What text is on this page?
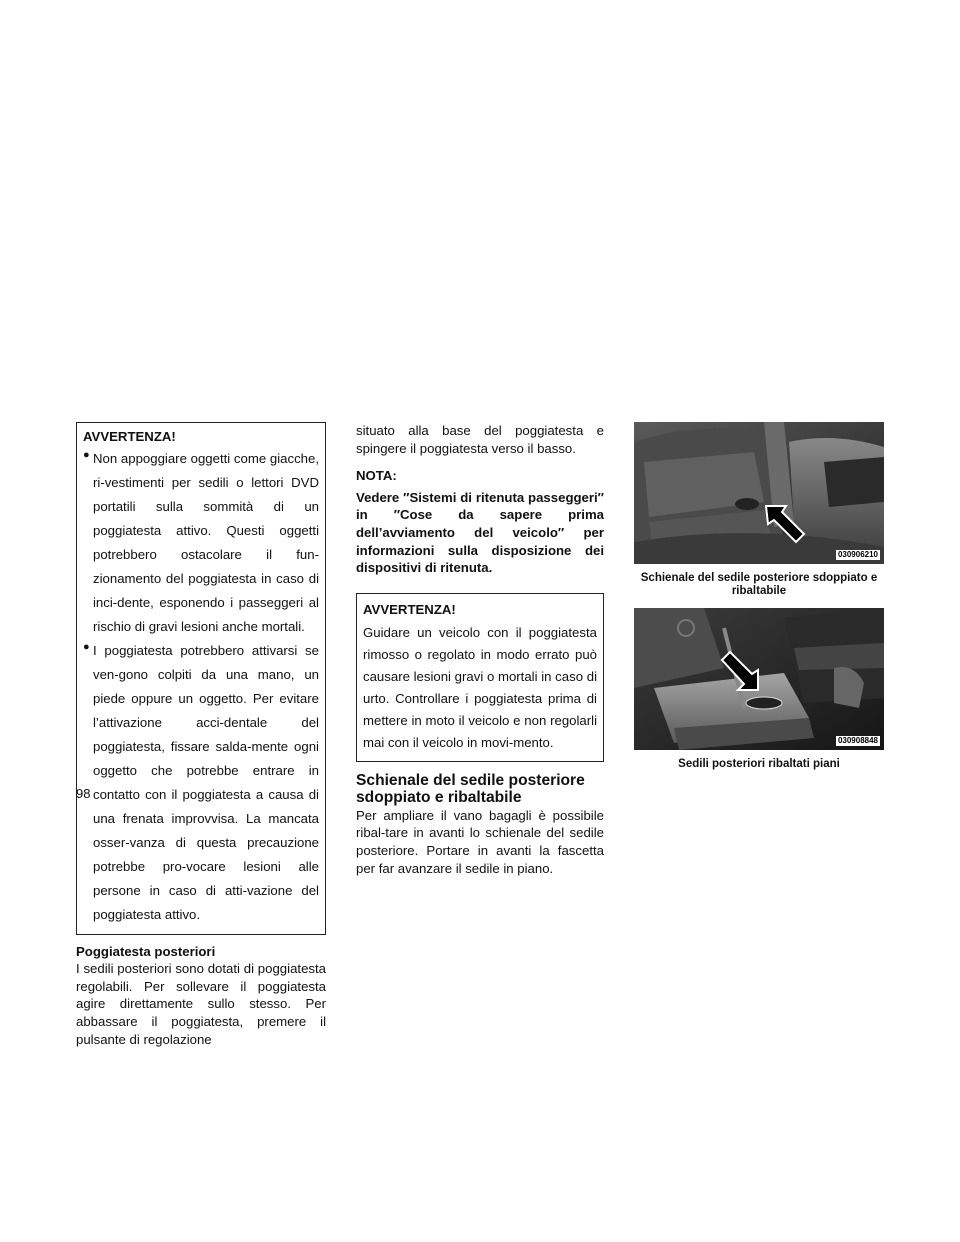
AVVERTENZA!

● Non appoggiare oggetti come giacche, ri-vestimenti per sedili o lettori DVD portatili sulla sommità di un poggiatesta attivo. Questi oggetti potrebbero ostacolare il fun-zionamento del poggiatesta in caso di inci-dente, esponendo i passeggeri al rischio di gravi lesioni anche mortali.
● I poggiatesta potrebbero attivarsi se ven-gono colpiti da una mano, un piede oppure un oggetto. Per evitare l’attivazione acci-dentale del poggiatesta, fissare salda-mente ogni oggetto che potrebbe entrare in contatto con il poggiatesta a causa di una frenata improvvisa. La mancata osser-vanza di questa precauzione potrebbe pro-vocare lesioni alle persone in caso di atti-vazione del poggiatesta attivo.

Poggiatesta posteriori

I sedili posteriori sono dotati di poggiatesta regolabili. Per sollevare il poggiatesta agire direttamente sullo stesso. Per abbassare il poggiatesta, premere il pulsante di regolazione

situato alla base del poggiatesta e spingere il poggiatesta verso il basso.

NOTA:

Vedere ″Sistemi di ritenuta passeggeri″ in ″Cose da sapere prima dell’avviamento del veicolo″ per informazioni sulla disposizione dei dispositivi di ritenuta.

AVVERTENZA!

Guidare un veicolo con il poggiatesta rimosso o regolato in modo errato può causare lesioni gravi o mortali in caso di urto. Controllare i poggiatesta prima di mettere in moto il veicolo e non regolarli mai con il veicolo in movi-mento.

Schienale del sedile posteriore sdoppiato e ribaltabile

Per ampliare il vano bagagli è possibile ribal-tare in avanti lo schienale del sedile posteriore. Portare in avanti la fascetta per far avanzare il sedile in piano.

030906210

Schienale del sedile posteriore sdoppiato e ribaltabile

030908848

Sedili posteriori ribaltati piani

98
